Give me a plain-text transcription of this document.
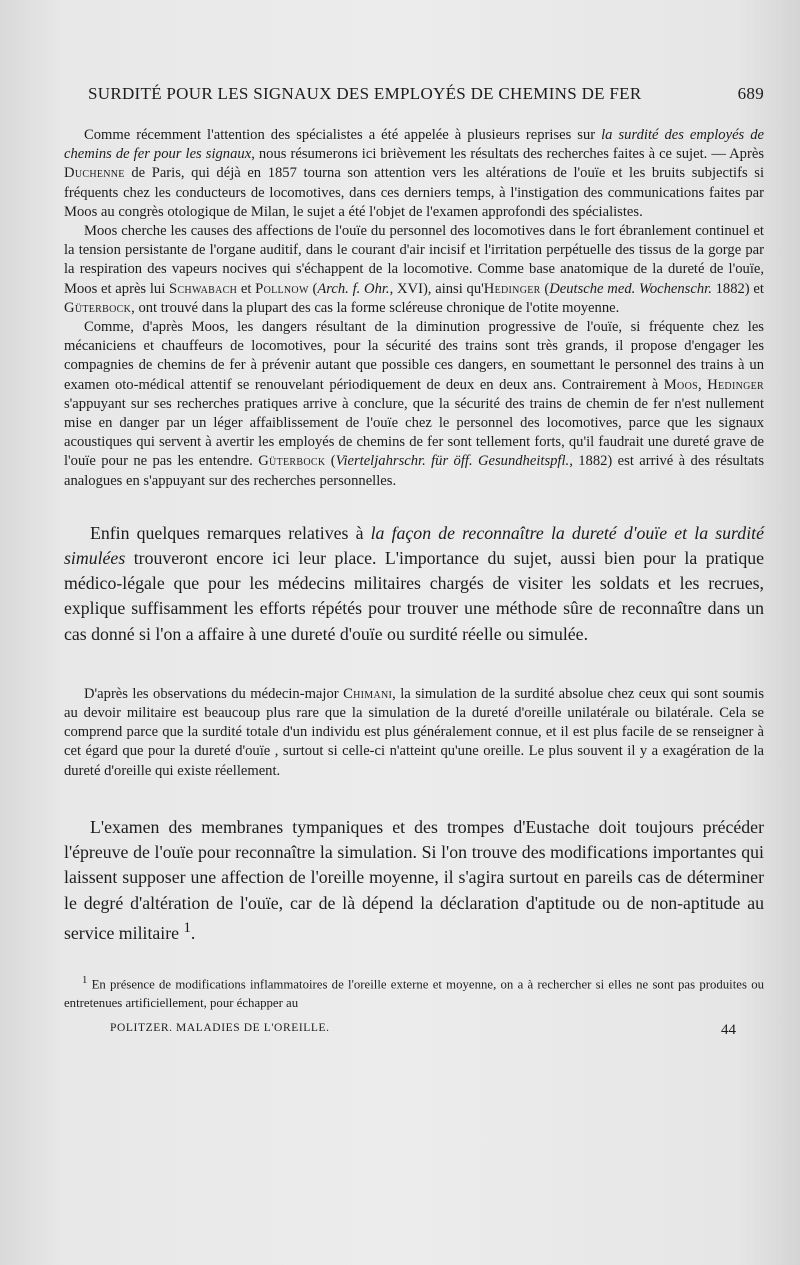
SURDITÉ POUR LES SIGNAUX DES EMPLOYÉS DE CHEMINS DE FER	689

Comme récemment l'attention des spécialistes a été appelée à plusieurs reprises sur la surdité des employés de chemins de fer pour les signaux, nous résumerons ici brièvement les résultats des recherches faites à ce sujet. — Après Duchenne de Paris, qui déjà en 1857 tourna son attention vers les altérations de l'ouïe et les bruits subjectifs si fréquents chez les conducteurs de locomotives, dans ces derniers temps, à l'instigation des communications faites par Moos au congrès otologique de Milan, le sujet a été l'objet de l'examen approfondi des spécialistes.

Moos cherche les causes des affections de l'ouïe du personnel des locomotives dans le fort ébranlement continuel et la tension persistante de l'organe auditif, dans le courant d'air incisif et l'irritation perpétuelle des tissus de la gorge par la respiration des vapeurs nocives qui s'échappent de la locomotive. Comme base anatomique de la dureté de l'ouïe, Moos et après lui Schwabach et Pollnow (Arch. f. Ohr., XVI), ainsi qu'Hedinger (Deutsche med. Wochenschr. 1882) et Güterbock, ont trouvé dans la plupart des cas la forme scléreuse chronique de l'otite moyenne.

Comme, d'après Moos, les dangers résultant de la diminution progressive de l'ouïe, si fréquente chez les mécaniciens et chauffeurs de locomotives, pour la sécurité des trains sont très grands, il propose d'engager les compagnies de chemins de fer à prévenir autant que possible ces dangers, en soumettant le personnel des trains à un examen oto-médical attentif se renouvelant périodiquement de deux en deux ans. Contrairement à Moos, Hedinger s'appuyant sur ses recherches pratiques arrive à conclure, que la sécurité des trains de chemin de fer n'est nullement mise en danger par un léger affaiblissement de l'ouïe chez le personnel des locomotives, parce que les signaux acoustiques qui servent à avertir les employés de chemins de fer sont tellement forts, qu'il faudrait une dureté grave de l'ouïe pour ne pas les entendre. Güterbock (Vierteljahrschr. für öff. Gesundheitspfl., 1882) est arrivé à des résultats analogues en s'appuyant sur des recherches personnelles.

Enfin quelques remarques relatives à la façon de reconnaître la dureté d'ouïe et la surdité simulées trouveront encore ici leur place. L'importance du sujet, aussi bien pour la pratique médico-légale que pour les médecins militaires chargés de visiter les soldats et les recrues, explique suffisamment les efforts répétés pour trouver une méthode sûre de reconnaître dans un cas donné si l'on a affaire à une dureté d'ouïe ou surdité réelle ou simulée.

D'après les observations du médecin-major Chimani, la simulation de la surdité absolue chez ceux qui sont soumis au devoir militaire est beaucoup plus rare que la simulation de la dureté d'oreille unilatérale ou bilatérale. Cela se comprend parce que la surdité totale d'un individu est plus généralement connue, et il est plus facile de se renseigner à cet égard que pour la dureté d'ouïe , surtout si celle-ci n'atteint qu'une oreille. Le plus souvent il y a exagération de la dureté d'oreille qui existe réellement.

L'examen des membranes tympaniques et des trompes d'Eustache doit toujours précéder l'épreuve de l'ouïe pour reconnaître la simulation. Si l'on trouve des modifications importantes qui laissent supposer une affection de l'oreille moyenne, il s'agira surtout en pareils cas de déterminer le degré d'altération de l'ouïe, car de là dépend la déclaration d'aptitude ou de non-aptitude au service militaire $^1$.

$^1$ En présence de modifications inflammatoires de l'oreille externe et moyenne, on a à rechercher si elles ne sont pas produites ou entretenues artificiellement, pour échapper au

POLITZER. MALADIES DE L'OREILLE.	44
